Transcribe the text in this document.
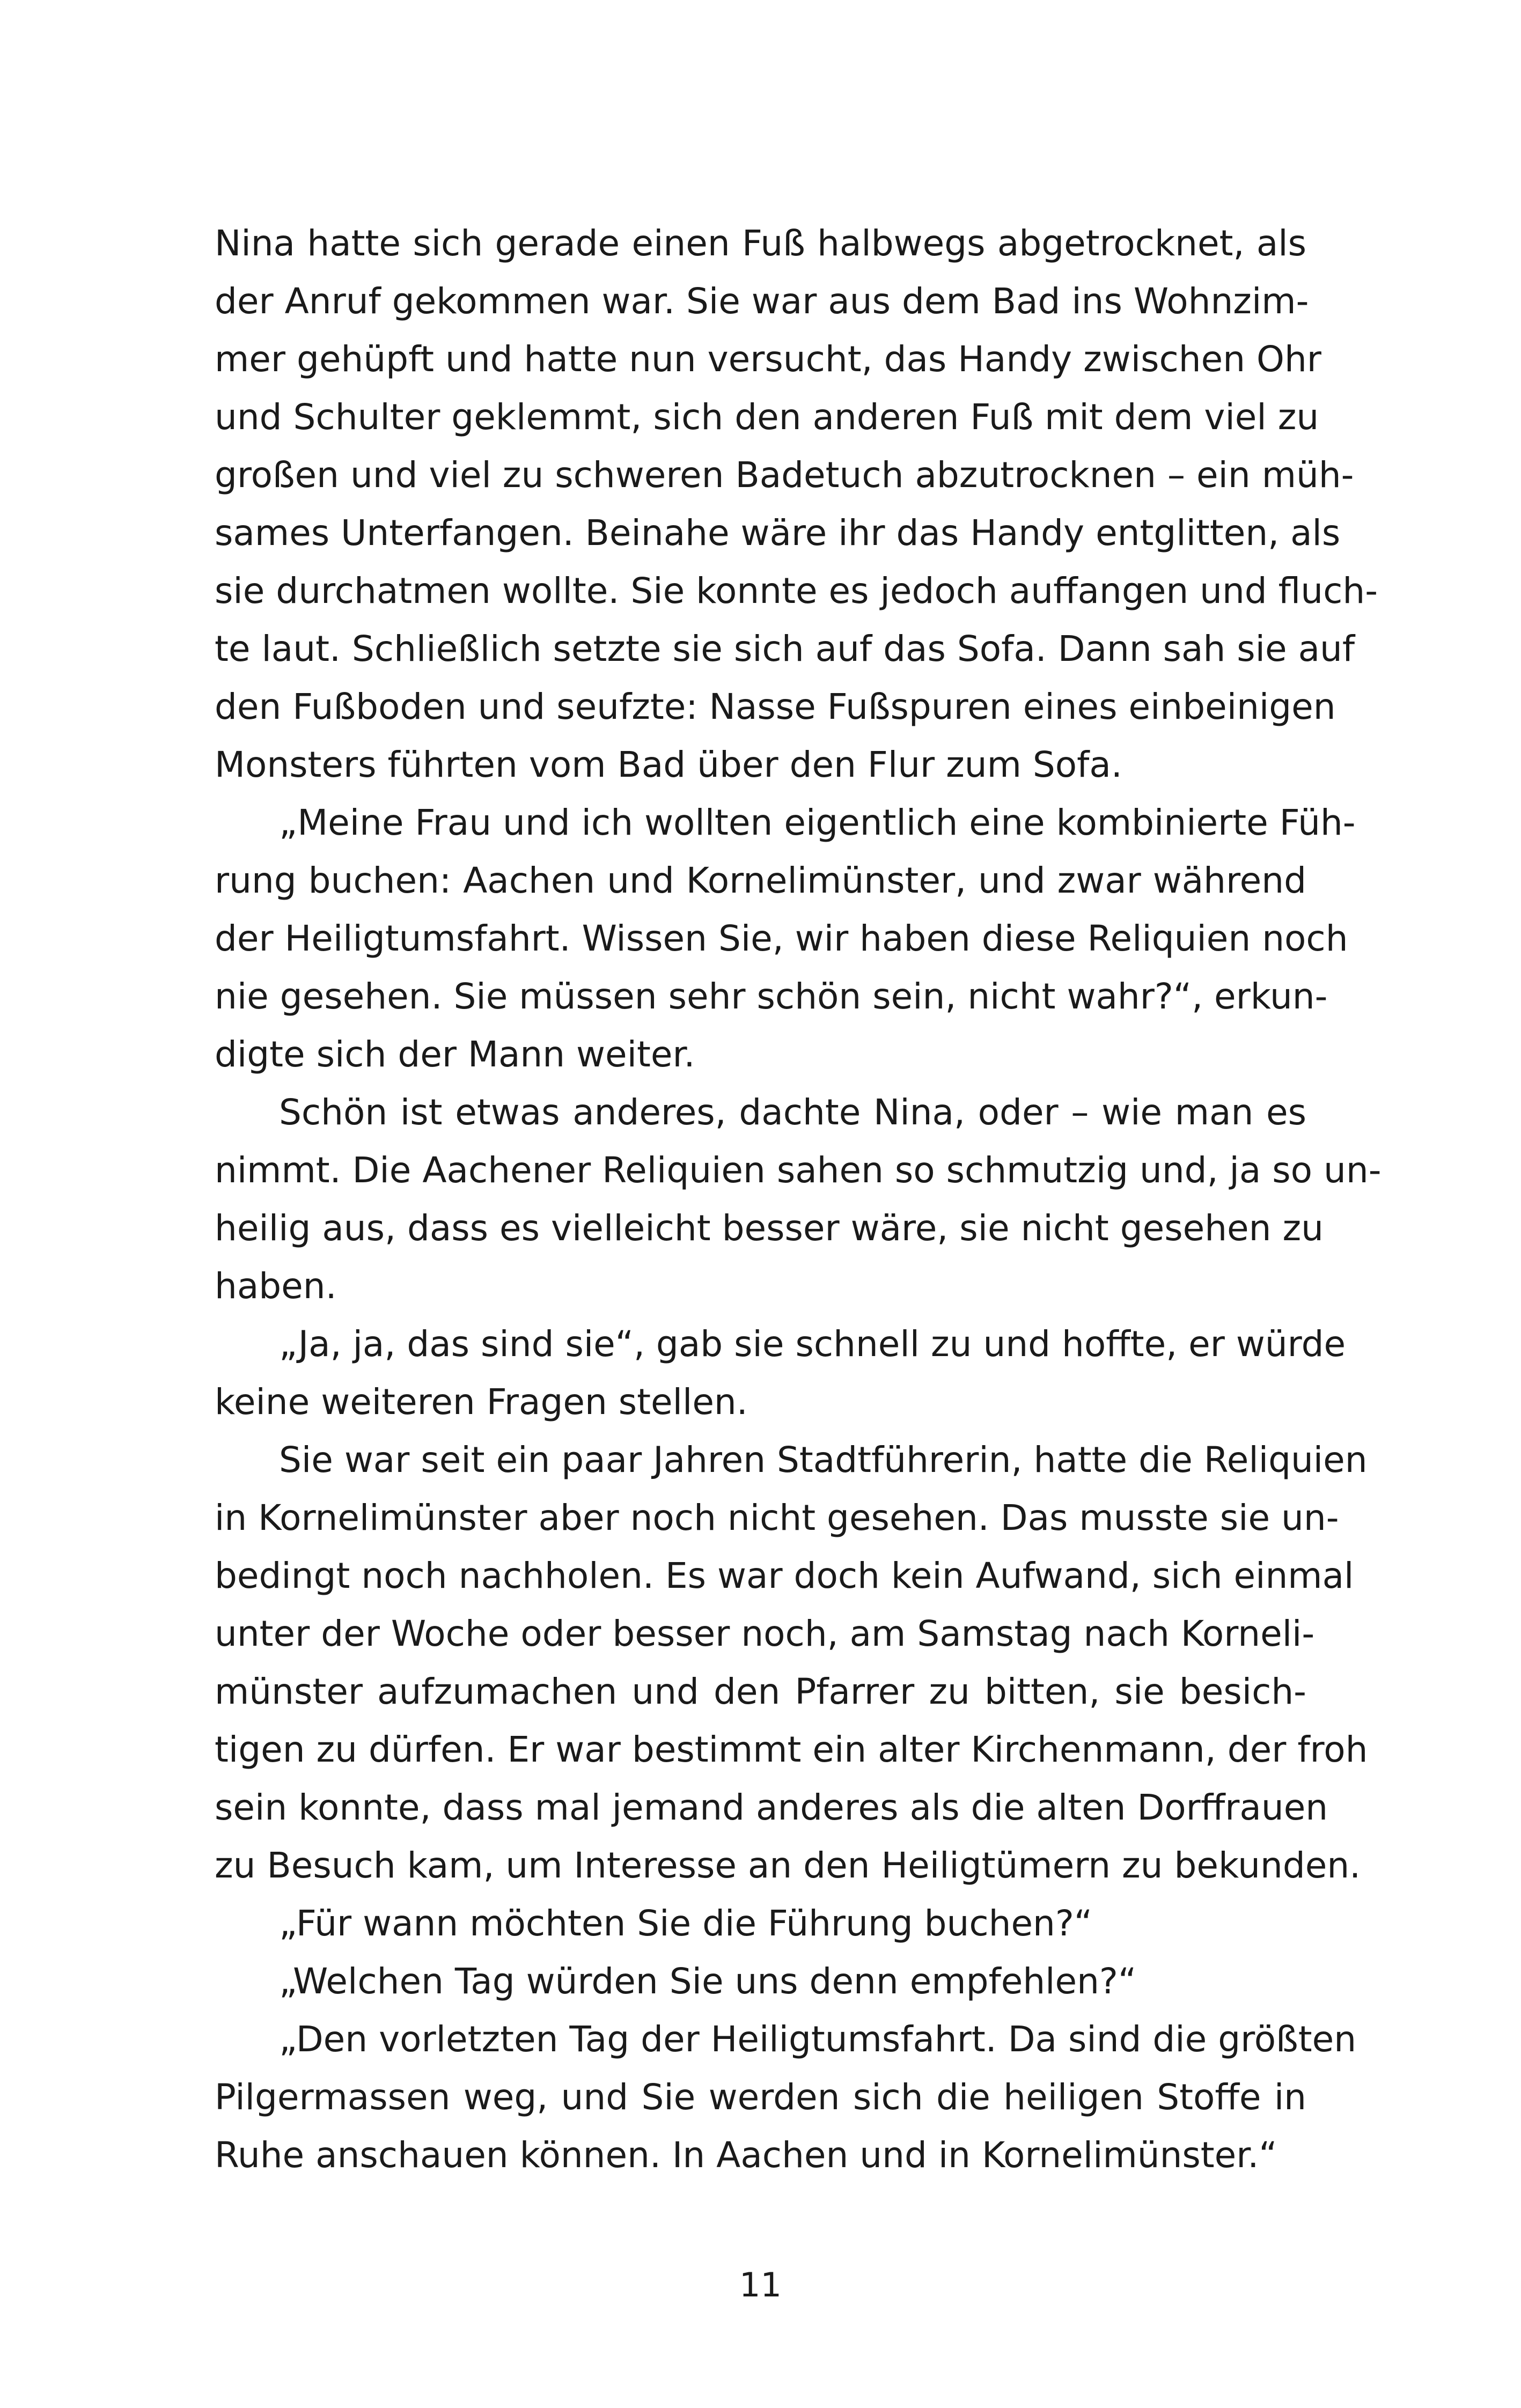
Nina hatte sich gerade einen Fuß halbwegs abgetrocknet, als
der Anruf gekommen war. Sie war aus dem Bad ins Wohnzim-
mer gehüpft und hatte nun versucht, das Handy zwischen Ohr
und Schulter geklemmt, sich den anderen Fuß mit dem viel zu
großen und viel zu schweren Badetuch abzutrocknen – ein müh-
sames Unterfangen. Beinahe wäre ihr das Handy entglitten, als
sie durchatmen wollte. Sie konnte es jedoch auffangen und fluch-
te laut. Schließlich setzte sie sich auf das Sofa. Dann sah sie auf
den Fußboden und seufzte: Nasse Fußspuren eines einbeinigen
Monsters führten vom Bad über den Flur zum Sofa.
„Meine Frau und ich wollten eigentlich eine kombinierte Füh-
rung buchen: Aachen und Kornelimünster, und zwar während
der Heiligtumsfahrt. Wissen Sie, wir haben diese Reliquien noch
nie gesehen. Sie müssen sehr schön sein, nicht wahr?“, erkun-
digte sich der Mann weiter.
Schön ist etwas anderes, dachte Nina, oder – wie man es
nimmt. Die Aachener Reliquien sahen so schmutzig und, ja so un-
heilig aus, dass es vielleicht besser wäre, sie nicht gesehen zu
haben.
„Ja, ja, das sind sie“, gab sie schnell zu und hoffte, er würde
keine weiteren Fragen stellen.
Sie war seit ein paar Jahren Stadtführerin, hatte die Reliquien
in Kornelimünster aber noch nicht gesehen. Das musste sie un-
bedingt noch nachholen. Es war doch kein Aufwand, sich einmal
unter der Woche oder besser noch, am Samstag nach Korneli-
münster aufzumachen und den Pfarrer zu bitten, sie besich-
tigen zu dürfen. Er war bestimmt ein alter Kirchenmann, der froh
sein konnte, dass mal jemand anderes als die alten Dorffrauen
zu Besuch kam, um Interesse an den Heiligtümern zu bekunden.
„Für wann möchten Sie die Führung buchen?“
„Welchen Tag würden Sie uns denn empfehlen?“
„Den vorletzten Tag der Heiligtumsfahrt. Da sind die größten
Pilgermassen weg, und Sie werden sich die heiligen Stoffe in
Ruhe anschauen können. In Aachen und in Kornelimünster.“
11
